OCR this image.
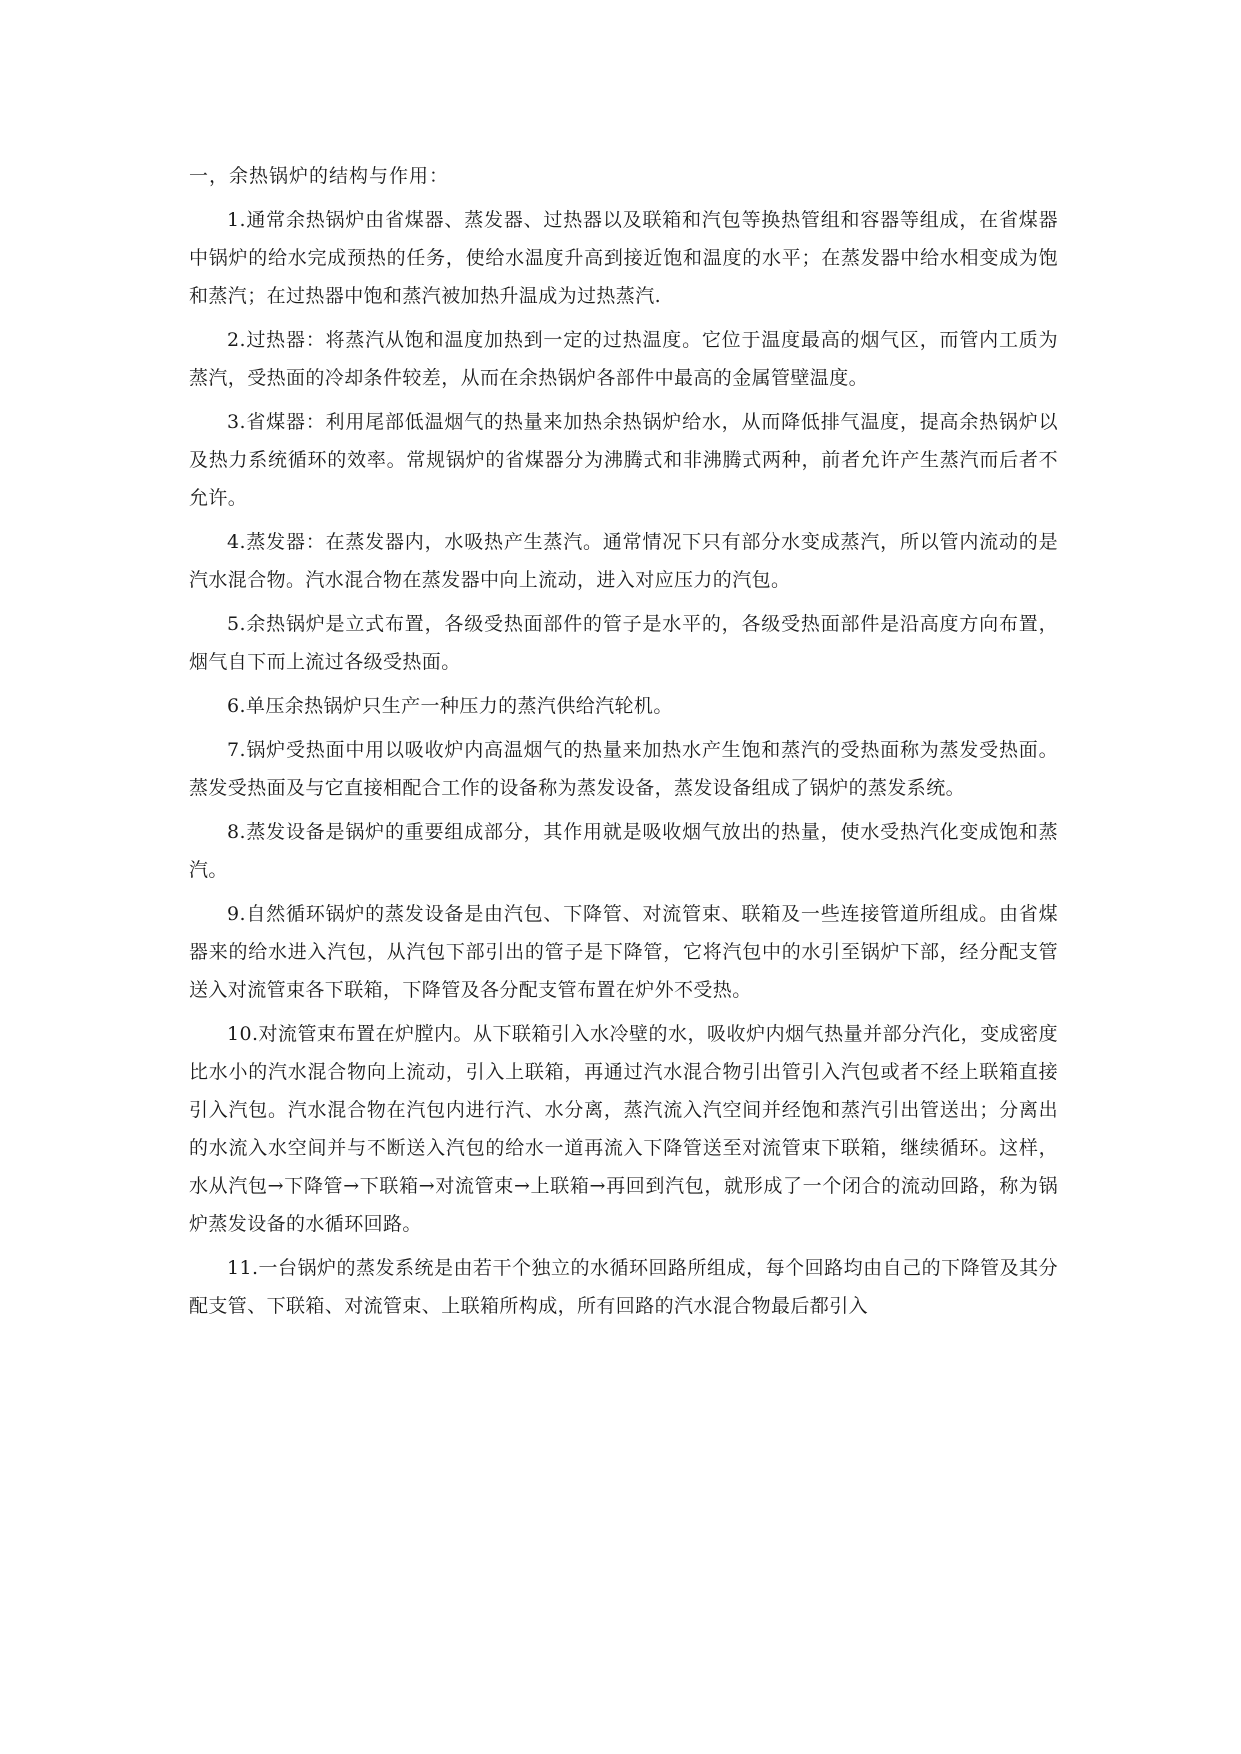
一，余热锅炉的结构与作用：

1.通常余热锅炉由省煤器、蒸发器、过热器以及联箱和汽包等换热管组和容器等组成，在省煤器中锅炉的给水完成预热的任务，使给水温度升高到接近饱和温度的水平；在蒸发器中给水相变成为饱和蒸汽；在过热器中饱和蒸汽被加热升温成为过热蒸汽.

2.过热器：将蒸汽从饱和温度加热到一定的过热温度。它位于温度最高的烟气区，而管内工质为蒸汽，受热面的冷却条件较差，从而在余热锅炉各部件中最高的金属管壁温度。

3.省煤器：利用尾部低温烟气的热量来加热余热锅炉给水，从而降低排气温度，提高余热锅炉以及热力系统循环的效率。常规锅炉的省煤器分为沸腾式和非沸腾式两种，前者允许产生蒸汽而后者不允许。

4.蒸发器：在蒸发器内，水吸热产生蒸汽。通常情况下只有部分水变成蒸汽，所以管内流动的是汽水混合物。汽水混合物在蒸发器中向上流动，进入对应压力的汽包。

5.余热锅炉是立式布置，各级受热面部件的管子是水平的，各级受热面部件是沿高度方向布置，烟气自下而上流过各级受热面。

6.单压余热锅炉只生产一种压力的蒸汽供给汽轮机。

7.锅炉受热面中用以吸收炉内高温烟气的热量来加热水产生饱和蒸汽的受热面称为蒸发受热面。蒸发受热面及与它直接相配合工作的设备称为蒸发设备，蒸发设备组成了锅炉的蒸发系统。

8.蒸发设备是锅炉的重要组成部分，其作用就是吸收烟气放出的热量，使水受热汽化变成饱和蒸汽。

9.自然循环锅炉的蒸发设备是由汽包、下降管、对流管束、联箱及一些连接管道所组成。由省煤器来的给水进入汽包，从汽包下部引出的管子是下降管，它将汽包中的水引至锅炉下部，经分配支管送入对流管束各下联箱，下降管及各分配支管布置在炉外不受热。

10.对流管束布置在炉膛内。从下联箱引入水冷壁的水，吸收炉内烟气热量并部分汽化，变成密度比水小的汽水混合物向上流动，引入上联箱，再通过汽水混合物引出管引入汽包或者不经上联箱直接引入汽包。汽水混合物在汽包内进行汽、水分离，蒸汽流入汽空间并经饱和蒸汽引出管送出；分离出的水流入水空间并与不断送入汽包的给水一道再流入下降管送至对流管束下联箱，继续循环。这样，水从汽包→下降管→下联箱→对流管束→上联箱→再回到汽包，就形成了一个闭合的流动回路，称为锅炉蒸发设备的水循环回路。

11.一台锅炉的蒸发系统是由若干个独立的水循环回路所组成，每个回路均由自己的下降管及其分配支管、下联箱、对流管束、上联箱所构成，所有回路的汽水混合物最后都引入
